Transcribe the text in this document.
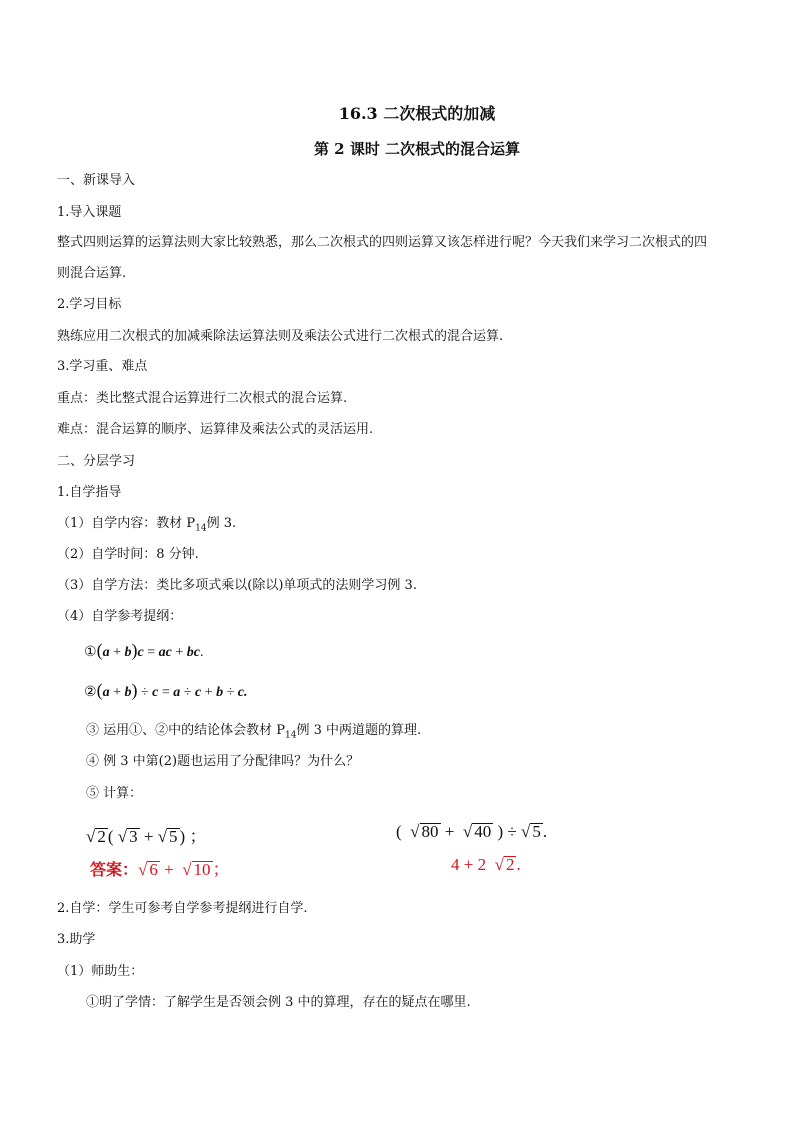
16.3 二次根式的加减
第 2 课时 二次根式的混合运算
一、新课导入
1.导入课题
整式四则运算的运算法则大家比较熟悉，那么二次根式的四则运算又该怎样进行呢？今天我们来学习二次根式的四
则混合运算.
2.学习目标
熟练应用二次根式的加减乘除法运算法则及乘法公式进行二次根式的混合运算.
3.学习重、难点
重点：类比整式混合运算进行二次根式的混合运算.
难点：混合运算的顺序、运算律及乘法公式的灵活运用.
二、分层学习
1.自学指导
（1）自学内容：教材 $P_{14}$例 3.
（2）自学时间：8 分钟.
（3）自学方法：类比多项式乘以(除以)单项式的法则学习例 3.
（4）自学参考提纲：
①(a + b)c = ac + bc.
②(a + b) ÷ c = a ÷ c + b ÷ c.
③ 运用①、②中的结论体会教材 $P_{14}$例 3 中两道题的算理.
④ 例 3 中第(2)题也运用了分配律吗？为什么？
⑤ 计算：
√ 2 ( √ 3 + √ 5 ) ；	(  √ 80 + √ 40 ) ÷ √ 5 .
答案：√ 6 + √ 10 ；	4 + 2 √ 2 .
2.自学：学生可参考自学参考提纲进行自学.
3.助学
（1）师助生：
①明了学情：了解学生是否领会例 3 中的算理，存在的疑点在哪里.
